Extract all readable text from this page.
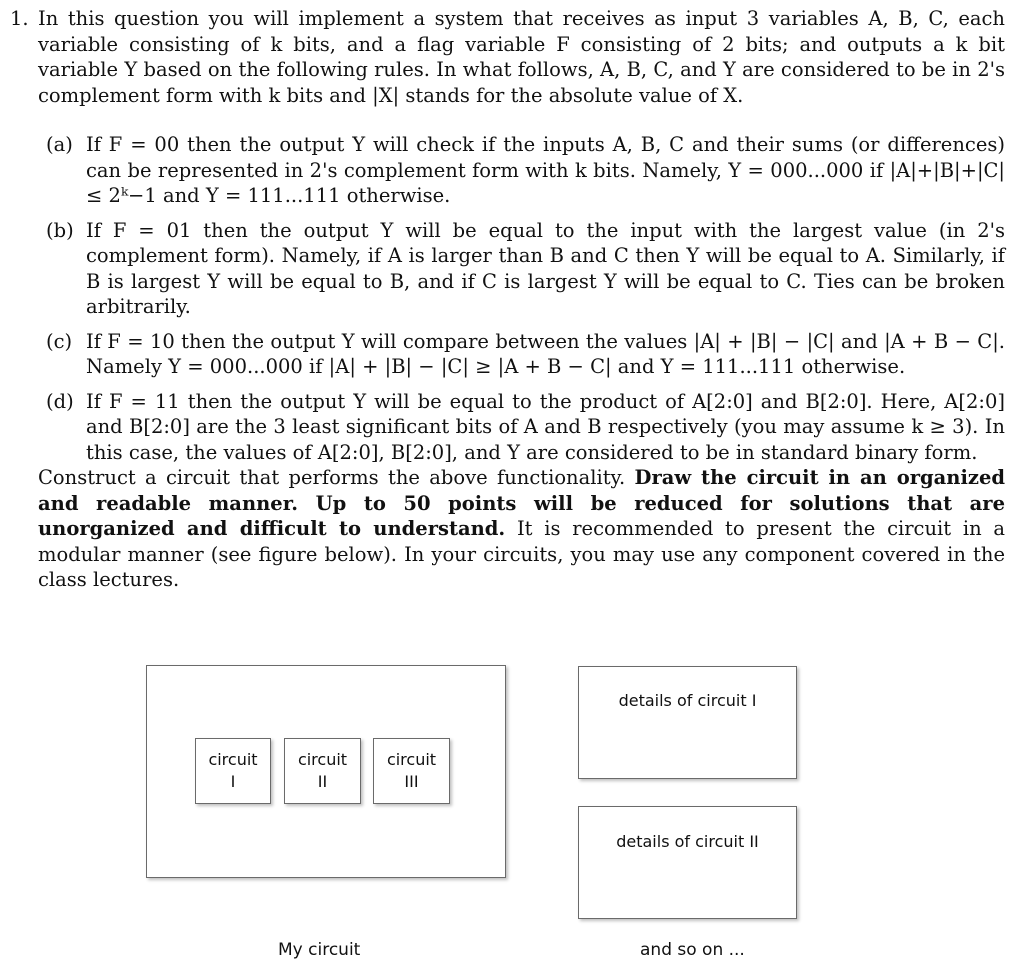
1. In this question you will implement a system that receives as input 3 variables A, B, C, each variable consisting of k bits, and a flag variable F consisting of 2 bits; and outputs a k bit variable Y based on the following rules. In what follows, A, B, C, and Y are considered to be in 2's complement form with k bits and |X| stands for the absolute value of X.
(a) If F = 00 then the output Y will check if the inputs A, B, C and their sums (or differences) can be represented in 2's complement form with k bits. Namely, Y = 000...000 if |A|+|B|+|C| ≤ 2ᵏ−1 and Y = 111...111 otherwise.
(b) If F = 01 then the output Y will be equal to the input with the largest value (in 2's complement form). Namely, if A is larger than B and C then Y will be equal to A. Similarly, if B is largest Y will be equal to B, and if C is largest Y will be equal to C. Ties can be broken arbitrarily.
(c) If F = 10 then the output Y will compare between the values |A| + |B| − |C| and |A + B − C|. Namely Y = 000...000 if |A| + |B| − |C| ≥ |A + B − C| and Y = 111...111 otherwise.
(d) If F = 11 then the output Y will be equal to the product of A[2:0] and B[2:0]. Here, A[2:0] and B[2:0] are the 3 least significant bits of A and B respectively (you may assume k ≥ 3). In this case, the values of A[2:0], B[2:0], and Y are considered to be in standard binary form.
Construct a circuit that performs the above functionality. Draw the circuit in an organized and readable manner. Up to 50 points will be reduced for solutions that are unorganized and difficult to understand. It is recommended to present the circuit in a modular manner (see figure below). In your circuits, you may use any component covered in the class lectures.
circuit
I
circuit
II
circuit
III
My circuit
details of circuit I
details of circuit II
and so on ...
